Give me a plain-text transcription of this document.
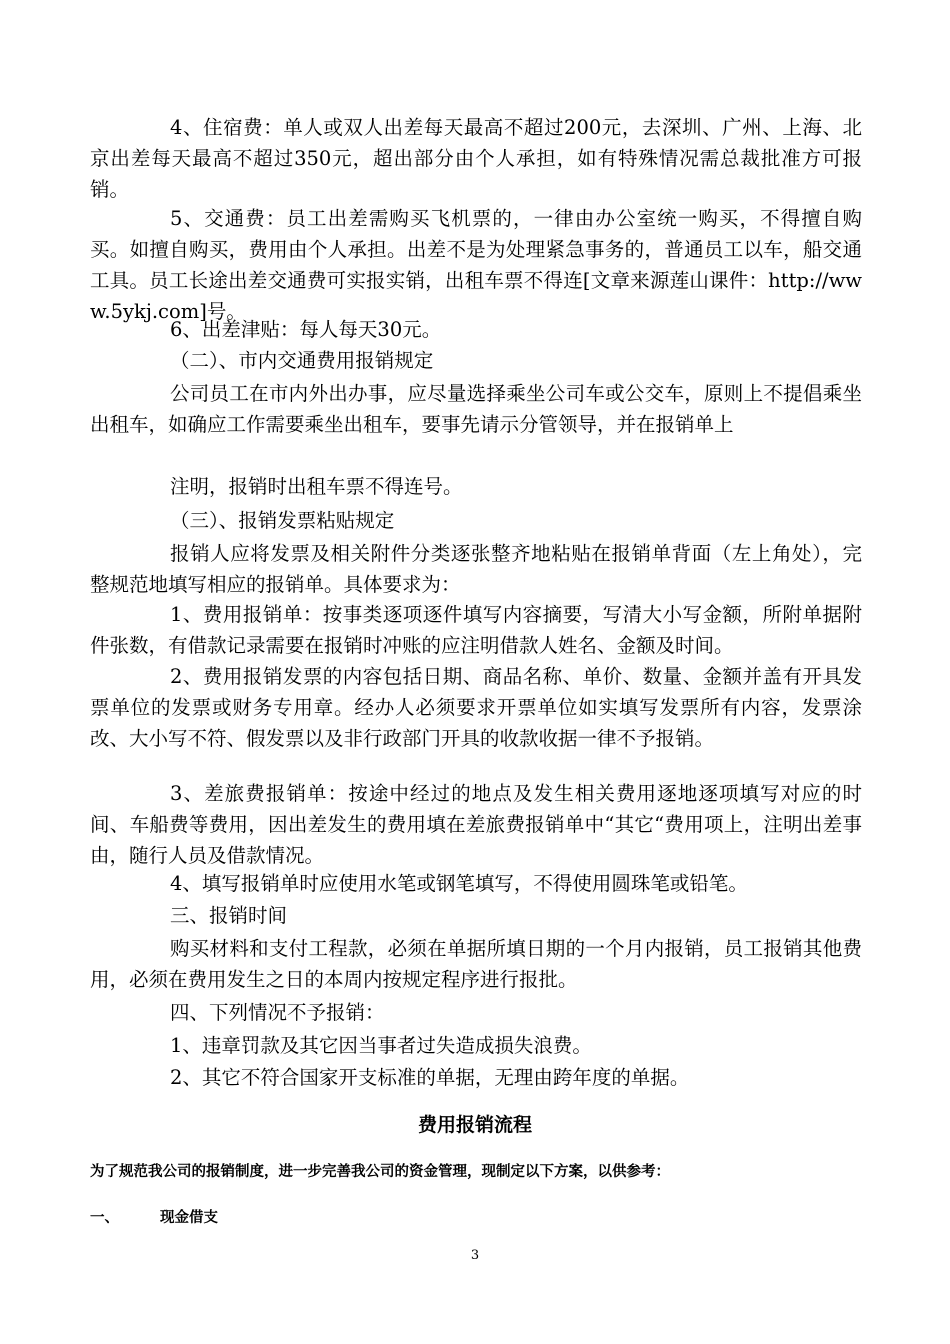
4、住宿费：单人或双人出差每天最高不超过200元，去深圳、广州、上海、北京出差每天最高不超过350元，超出部分由个人承担，如有特殊情况需总裁批准方可报销。

5、交通费：员工出差需购买飞机票的，一律由办公室统一购买，不得擅自购买。如擅自购买，费用由个人承担。出差不是为处理紧急事务的，普通员工以车，船交通工具。员工长途出差交通费可实报实销，出租车票不得连[文章来源莲山课件：http://www.5ykj.com]号。

6、出差津贴：每人每天30元。

（二）、市内交通费用报销规定

公司员工在市内外出办事，应尽量选择乘坐公司车或公交车，原则上不提倡乘坐出租车，如确应工作需要乘坐出租车，要事先请示分管领导，并在报销单上

注明，报销时出租车票不得连号。

（三）、报销发票粘贴规定

报销人应将发票及相关附件分类逐张整齐地粘贴在报销单背面（左上角处），完整规范地填写相应的报销单。具体要求为：

1、费用报销单：按事类逐项逐件填写内容摘要，写清大小写金额，所附单据附件张数，有借款记录需要在报销时冲账的应注明借款人姓名、金额及时间。

2、费用报销发票的内容包括日期、商品名称、单价、数量、金额并盖有开具发票单位的发票或财务专用章。经办人必须要求开票单位如实填写发票所有内容，发票涂改、大小写不符、假发票以及非行政部门开具的收款收据一律不予报销。

3、差旅费报销单：按途中经过的地点及发生相关费用逐地逐项填写对应的时间、车船费等费用，因出差发生的费用填在差旅费报销单中“其它“费用项上，注明出差事由，随行人员及借款情况。

4、填写报销单时应使用水笔或钢笔填写，不得使用圆珠笔或铅笔。

三、报销时间

购买材料和支付工程款，必须在单据所填日期的一个月内报销，员工报销其他费用，必须在费用发生之日的本周内按规定程序进行报批。

四、下列情况不予报销：

1、违章罚款及其它因当事者过失造成损失浪费。

2、其它不符合国家开支标准的单据，无理由跨年度的单据。

费用报销流程

为了规范我公司的报销制度，进一步完善我公司的资金管理，现制定以下方案，以供参考：

一、	现金借支
3
